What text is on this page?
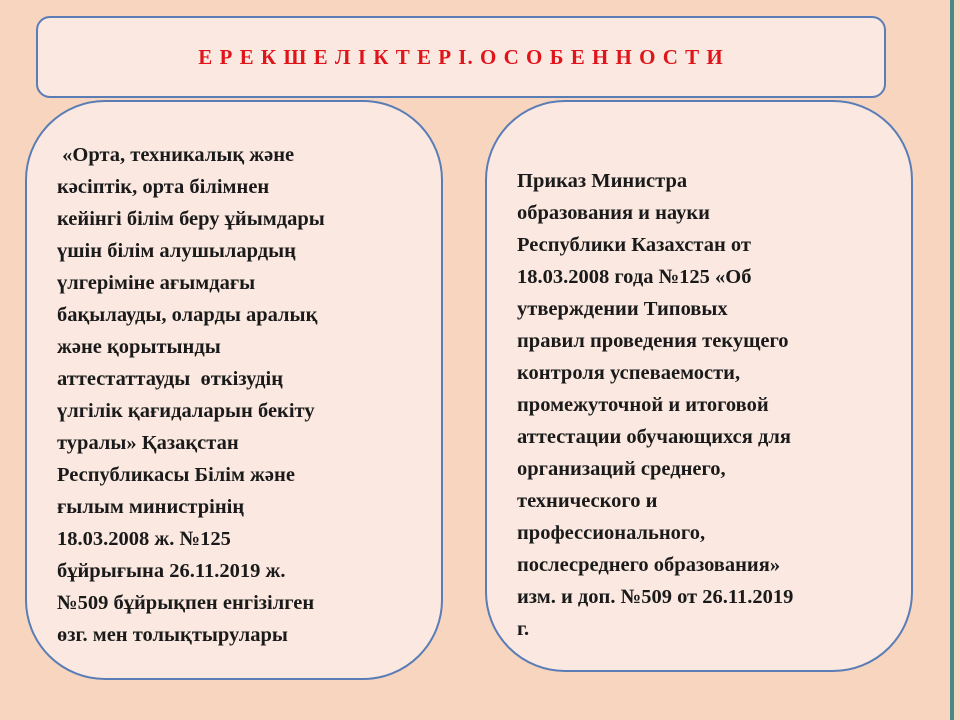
Е Р Е К Ш Е Л І К Т Е Р І. О С О Б Е Н Н О С Т И

«Орта, техникалық және
кәсіптік, орта білімнен
кейінгі білім беру ұйымдары
үшін білім алушылардың
үлгеріміне ағымдағы
бақылауды, оларды аралық
және қорытынды
аттестаттауды  өткізудің
үлгілік қағидаларын бекіту
туралы» Қазақстан
Республикасы Білім және
ғылым министрінің
18.03.2008 ж. №125
бұйрығына 26.11.2019 ж.
№509 бұйрықпен енгізілген
өзг. мен толықтырулары

Приказ Министра
образования и науки
Республики Казахстан от
18.03.2008 года №125 «Об
утверждении Типовых
правил проведения текущего
контроля успеваемости,
промежуточной и итоговой
аттестации обучающихся для
организаций среднего,
технического и
профессионального,
послесреднего образования»
изм. и доп. №509 от 26.11.2019
г.
